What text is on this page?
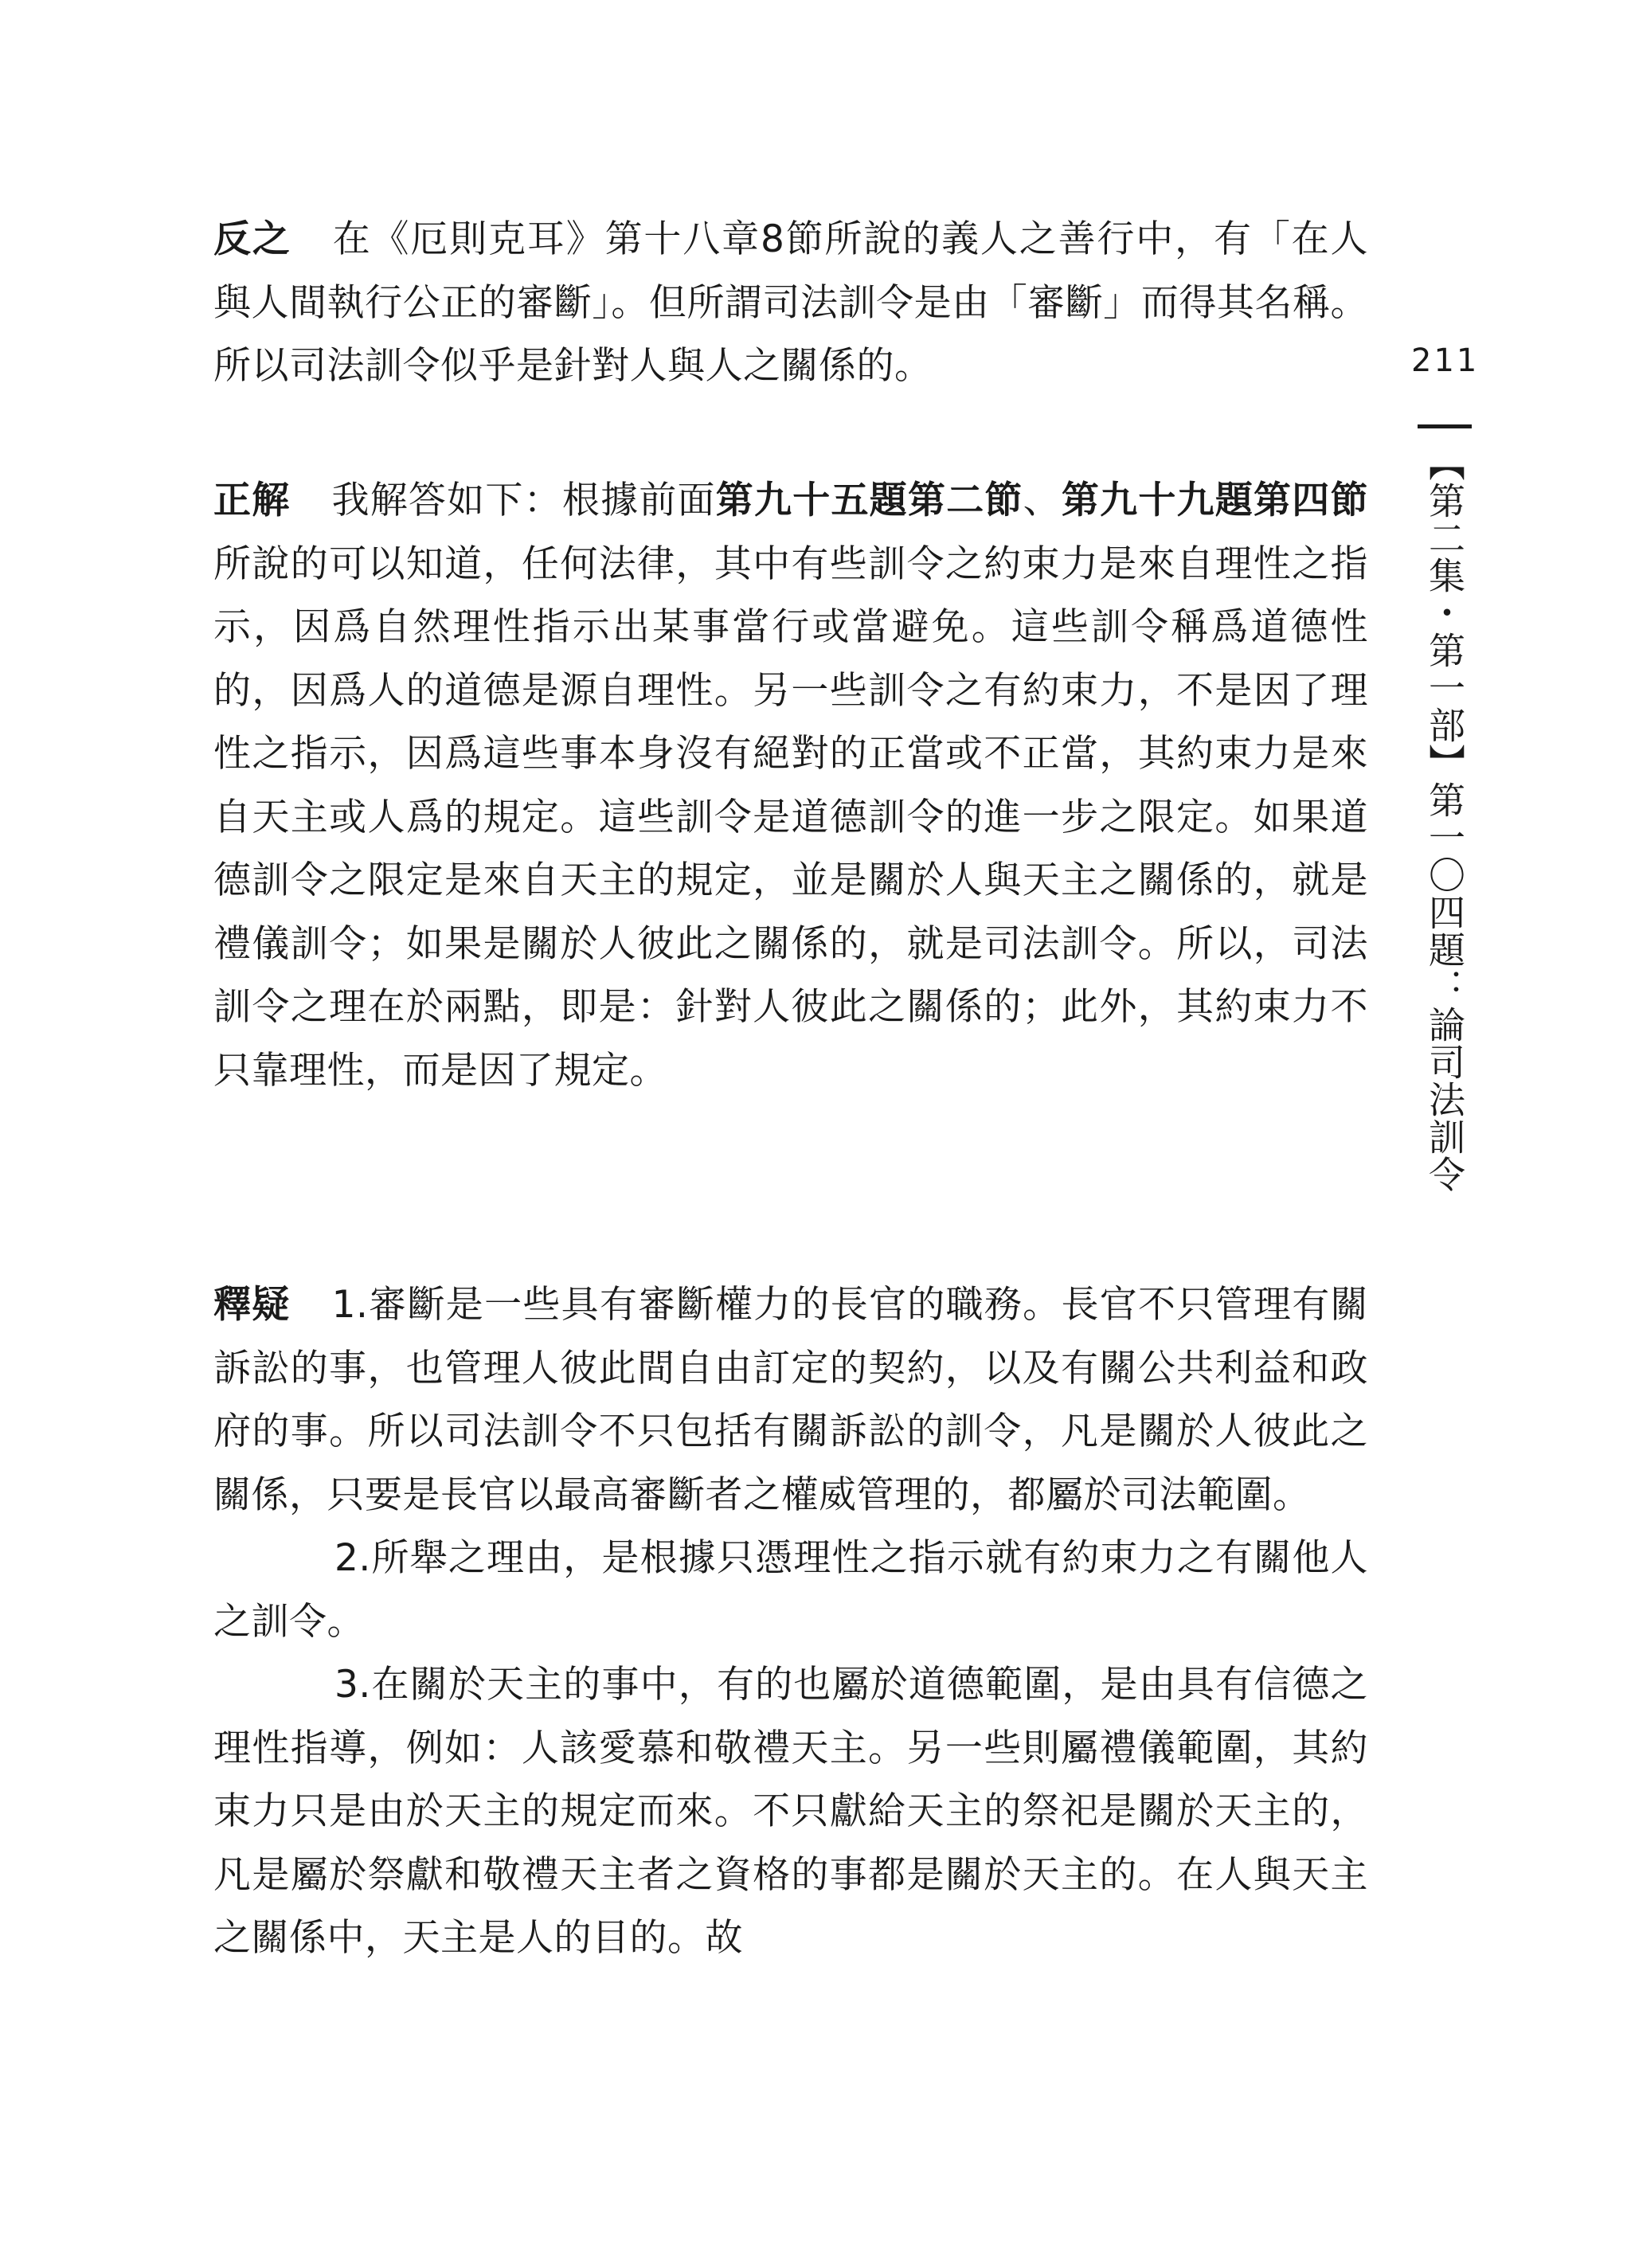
211
【第二集・第一部】第一〇四題：論司法訓令

反之 在《厄則克耳》第十八章8節所說的義人之善行中，有「在人與人間執行公正的審斷」。但所謂司法訓令是由「審斷」而得其名稱。所以司法訓令似乎是針對人與人之關係的。

正解 我解答如下：根據前面第九十五題第二節、第九十九題第四節所說的可以知道，任何法律，其中有些訓令之約束力是來自理性之指示，因爲自然理性指示出某事當行或當避免。這些訓令稱爲道德性的，因爲人的道德是源自理性。另一些訓令之有約束力，不是因了理性之指示，因爲這些事本身沒有絕對的正當或不正當，其約束力是來自天主或人爲的規定。這些訓令是道德訓令的進一步之限定。如果道德訓令之限定是來自天主的規定，並是關於人與天主之關係的，就是禮儀訓令；如果是關於人彼此之關係的，就是司法訓令。所以，司法訓令之理在於兩點，即是：針對人彼此之關係的；此外，其約束力不只靠理性，而是因了規定。

釋疑 1.審斷是一些具有審斷權力的長官的職務。長官不只管理有關訴訟的事，也管理人彼此間自由訂定的契約，以及有關公共利益和政府的事。所以司法訓令不只包括有關訴訟的訓令，凡是關於人彼此之關係，只要是長官以最高審斷者之權威管理的，都屬於司法範圍。

2.所舉之理由，是根據只憑理性之指示就有約束力之有關他人之訓令。

3.在關於天主的事中，有的也屬於道德範圍，是由具有信德之理性指導，例如：人該愛慕和敬禮天主。另一些則屬禮儀範圍，其約束力只是由於天主的規定而來。不只獻給天主的祭祀是關於天主的，凡是屬於祭獻和敬禮天主者之資格的事都是關於天主的。在人與天主之關係中，天主是人的目的。故
